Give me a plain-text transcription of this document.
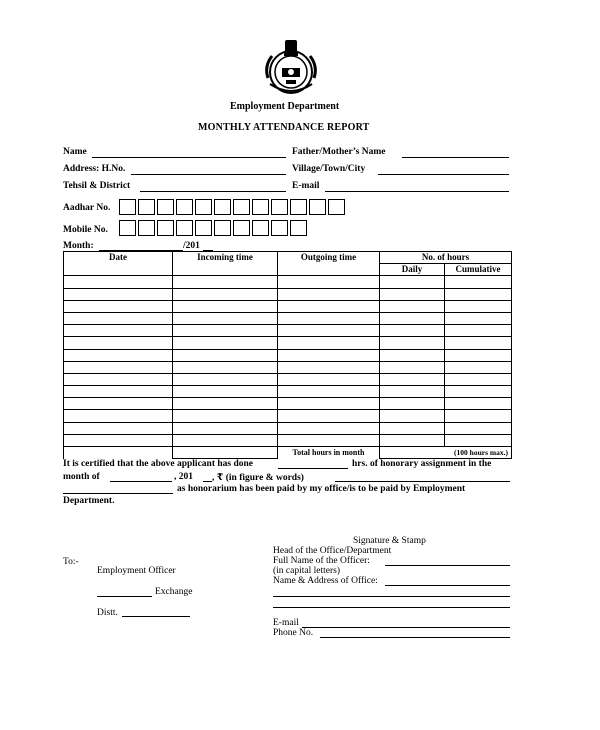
Employment Department
MONTHLY ATTENDANCE REPORT
Name	Father/Mother’s Name
Address: H.No.	Village/Town/City
Tehsil & District	E-mail
Aadhar No.
Mobile No.
Month:	/201
Date	Incoming time	Outgoing time	No. of hours	
			Daily	Cumulative

		Total hours in month	(100 hours max.)	
It is certified that the above applicant has done	hrs. of honorary assignment in the
month of	, 201 , ₹ (in figure & words)
as honorarium has been paid by my office/is to be paid by Employment
Department.
Signature & Stamp
Head of the Office/Department
Full Name of the Officer:
(in capital letters)
Name & Address of Office:
E-mail
Phone No.
To:-
Employment Officer
Exchange
Distt.
